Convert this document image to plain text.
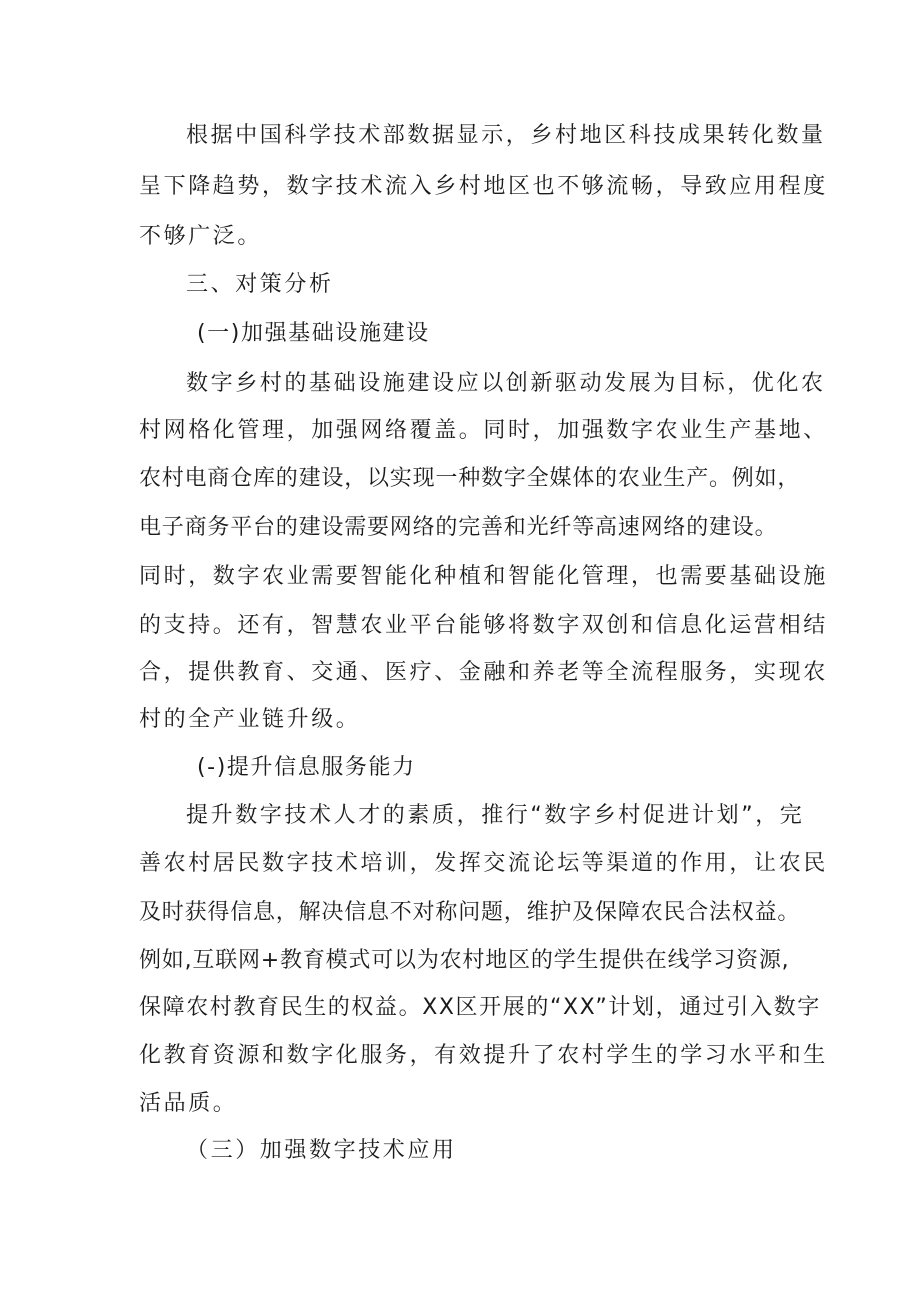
根据中国科学技术部数据显示，乡村地区科技成果转化数量
呈下降趋势，数字技术流入乡村地区也不够流畅，导致应用程度
不够广泛。
三、对策分析
(一)加强基础设施建设
数字乡村的基础设施建设应以创新驱动发展为目标，优化农
村网格化管理，加强网络覆盖。同时，加强数字农业生产基地、
农村电商仓库的建设，以实现一种数字全媒体的农业生产。例如，
电子商务平台的建设需要网络的完善和光纤等高速网络的建设。
同时，数字农业需要智能化种植和智能化管理，也需要基础设施
的支持。还有，智慧农业平台能够将数字双创和信息化运营相结
合，提供教育、交通、医疗、金融和养老等全流程服务，实现农
村的全产业链升级。
(-)提升信息服务能力
提升数字技术人才的素质，推行“数字乡村促进计划”，完
善农村居民数字技术培训，发挥交流论坛等渠道的作用，让农民
及时获得信息，解决信息不对称问题，维护及保障农民合法权益。
例如,互联网+教育模式可以为农村地区的学生提供在线学习资源,
保障农村教育民生的权益。XX区开展的“XX”计划，通过引入数字
化教育资源和数字化服务，有效提升了农村学生的学习水平和生
活品质。
（三）加强数字技术应用
